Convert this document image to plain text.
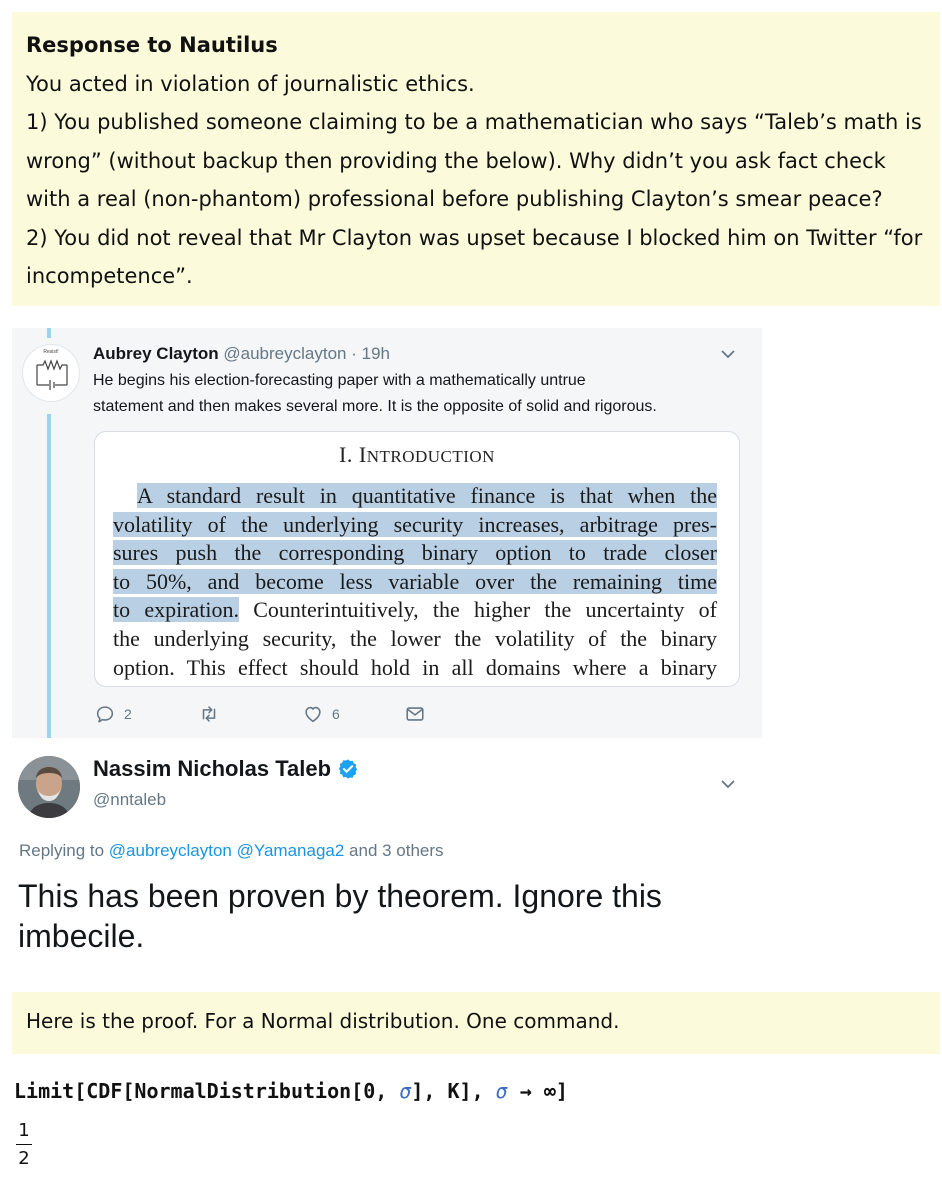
Response to Nautilus
You acted in violation of journalistic ethics.
1) You published someone claiming to be a mathematician who says “Taleb’s math is
wrong” (without backup then providing the below). Why didn’t you ask fact check
with a real (non-phantom) professional before publishing Clayton’s smear peace?
2) You did not reveal that Mr Clayton was upset because I blocked him on Twitter “for
incompetence”.
Resist!	Aubrey Clayton @aubreyclayton · 19h
He begins his election-forecasting paper with a mathematically untrue
statement and then makes several more. It is the opposite of solid and rigorous.
I. INTRODUCTION
A standard result in quantitative finance is that when the
volatility of the underlying security increases, arbitrage pres-
sures push the corresponding binary option to trade closer
to 50%, and become less variable over the remaining time
to expiration. Counterintuitively, the higher the uncertainty of
the underlying security, the lower the volatility of the binary
option. This effect should hold in all domains where a binary
2	6
Nassim Nicholas Taleb
@nntaleb
Replying to @aubreyclayton @Yamanaga2 and 3 others
This has been proven by theorem. Ignore this
imbecile.
Here is the proof. For a Normal distribution. One command.
Limit[CDF[NormalDistribution[0, σ], K], σ → ∞]
1
2
